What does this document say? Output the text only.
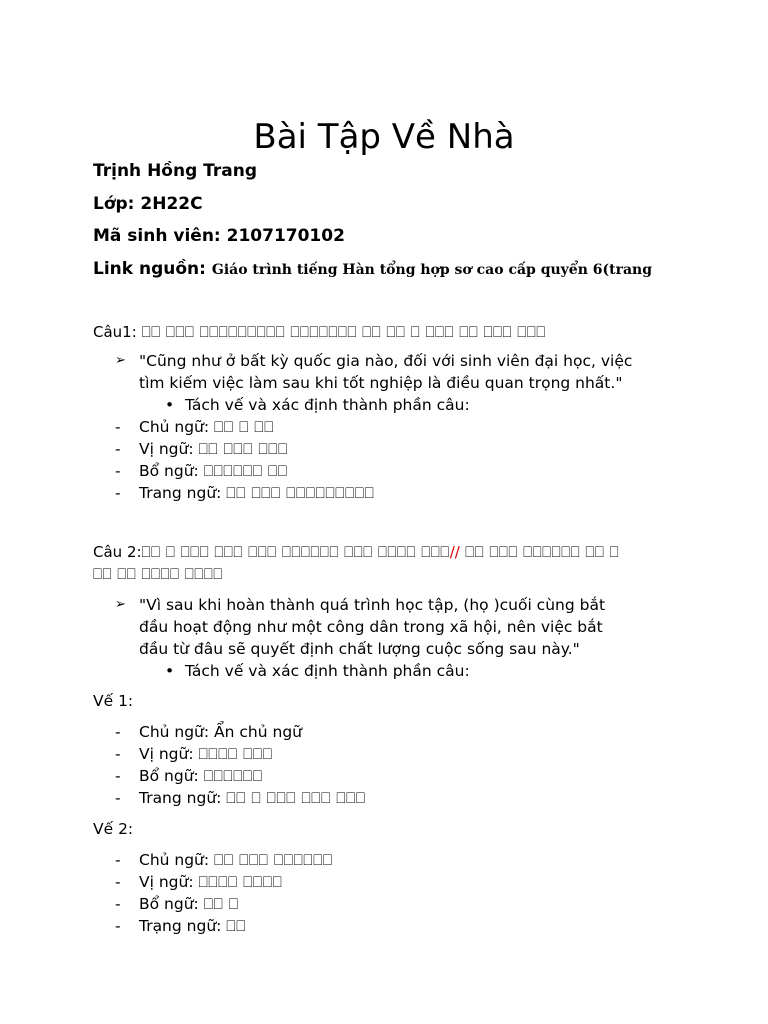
Bài Tập Về Nhà
Trịnh Hồng Trang
Lớp: 2H22C
Mã sinh viên: 2107170102
Link nguồn: Giáo trình tiếng Hàn tổng hợp sơ cao cấp quyển 6(trang
Câu1: ⎕⎕ ⎕⎕⎕ ⎕⎕⎕⎕⎕⎕⎕⎕⎕ ⎕⎕⎕⎕⎕⎕⎕ ⎕⎕ ⎕⎕ ⎕ ⎕⎕⎕ ⎕⎕ ⎕⎕⎕ ⎕⎕⎕
➢ "Cũng như ở bất kỳ quốc gia nào, đối với sinh viên đại học, việc
tìm kiếm việc làm sau khi tốt nghiệp là điều quan trọng nhất."
• Tách vế và xác định thành phần câu:
- Chủ ngữ: ⎕⎕ ⎕ ⎕⎕
- Vị ngữ: ⎕⎕ ⎕⎕⎕ ⎕⎕⎕
- Bổ ngữ: ⎕⎕⎕⎕⎕⎕ ⎕⎕
- Trang ngữ: ⎕⎕ ⎕⎕⎕ ⎕⎕⎕⎕⎕⎕⎕⎕⎕
Câu 2:⎕⎕ ⎕ ⎕⎕⎕ ⎕⎕⎕ ⎕⎕⎕ ⎕⎕⎕⎕⎕⎕ ⎕⎕⎕ ⎕⎕⎕⎕ ⎕⎕⎕// ⎕⎕ ⎕⎕⎕ ⎕⎕⎕⎕⎕⎕ ⎕⎕ ⎕
⎕⎕ ⎕⎕ ⎕⎕⎕⎕ ⎕⎕⎕⎕
➢ "Vì sau khi hoàn thành quá trình học tập, (họ )cuối cùng bắt
đầu hoạt động như một công dân trong xã hội, nên việc bắt
đầu từ đâu sẽ quyết định chất lượng cuộc sống sau này."
• Tách vế và xác định thành phần câu:
Vế 1:
- Chủ ngữ: Ẩn chủ ngữ
- Vị ngữ: ⎕⎕⎕⎕ ⎕⎕⎕
- Bổ ngữ: ⎕⎕⎕⎕⎕⎕
- Trang ngữ: ⎕⎕ ⎕ ⎕⎕⎕ ⎕⎕⎕ ⎕⎕⎕
Vế 2:
- Chủ ngữ: ⎕⎕ ⎕⎕⎕ ⎕⎕⎕⎕⎕⎕
- Vị ngữ: ⎕⎕⎕⎕ ⎕⎕⎕⎕
- Bổ ngữ: ⎕⎕ ⎕
- Trạng ngữ: ⎕⎕
